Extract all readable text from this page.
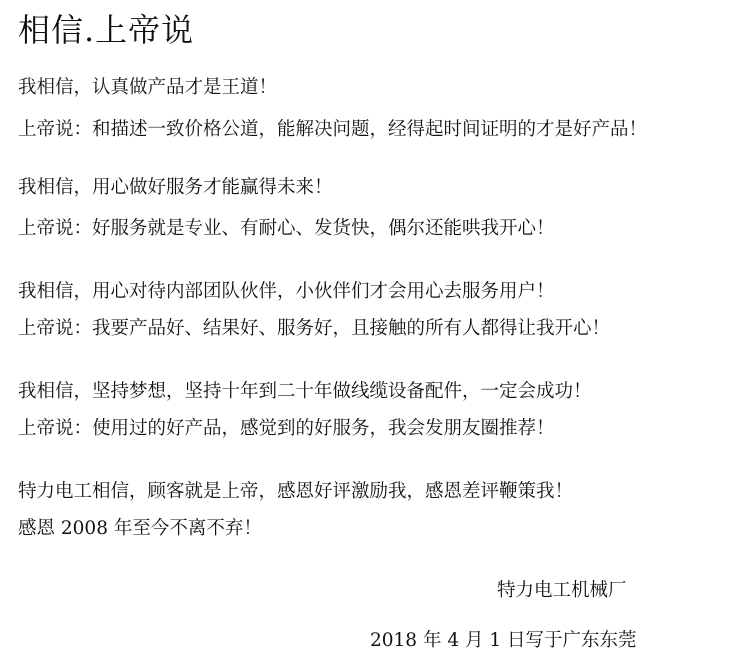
相信.上帝说
我相信，认真做产品才是王道！
上帝说：和描述一致价格公道，能解决问题，经得起时间证明的才是好产品！
我相信，用心做好服务才能赢得未来！
上帝说：好服务就是专业、有耐心、发货快，偶尔还能哄我开心！
我相信，用心对待内部团队伙伴，小伙伴们才会用心去服务用户！
上帝说：我要产品好、结果好、服务好，且接触的所有人都得让我开心！
我相信，坚持梦想，坚持十年到二十年做线缆设备配件，一定会成功！
上帝说：使用过的好产品，感觉到的好服务，我会发朋友圈推荐！
特力电工相信，顾客就是上帝，感恩好评激励我，感恩差评鞭策我！
感恩 2008 年至今不离不弃！
特力电工机械厂
2018 年 4 月 1 日写于广东东莞
